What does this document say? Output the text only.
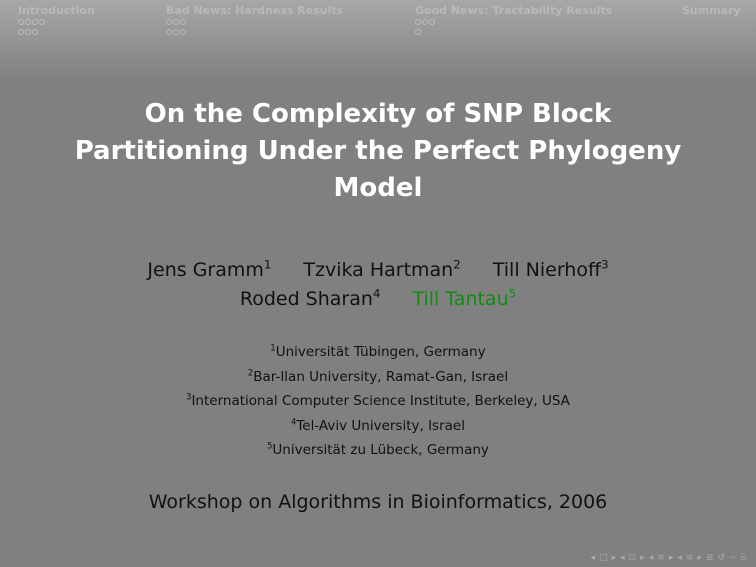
Introduction	Bad News: Hardness Results	Good News: Tractability Results	Summary
On the Complexity of SNP Block
Partitioning Under the Perfect Phylogeny
Model
Jens Gramm$^1$ Tzvika Hartman$^2$ Till Nierhoff$^3$
Roded Sharan$^4$ Till Tantau$^5$
$^1$Universität Tübingen, Germany
$^2$Bar-Ilan University, Ramat-Gan, Israel
$^3$International Computer Science Institute, Berkeley, USA
$^4$Tel-Aviv University, Israel
$^5$Universität zu Lübeck, Germany
Workshop on Algorithms in Bioinformatics, 2006
◂ □ ▸ ◂ ⊡ ▸ ◂ ≡ ▸ ◂ ≡ ▸ ≣ ↺ ∽ ⍓
